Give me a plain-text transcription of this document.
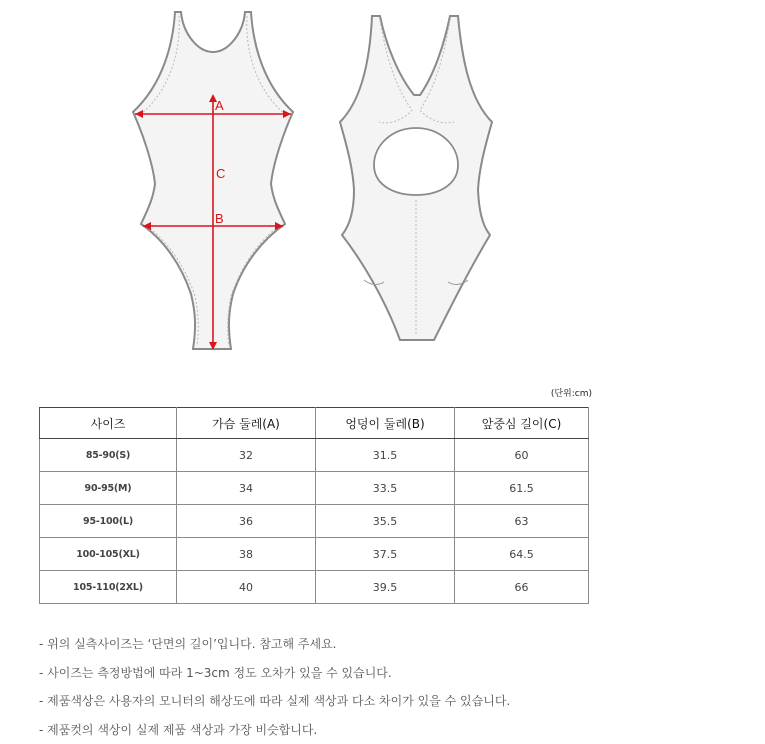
A
C
B
(단위:cm)
사이즈	가슴 둘레(A)	엉덩이 둘레(B)	앞중심 길이(C)
85-90(S)	32	31.5	60
90-95(M)	34	33.5	61.5
95-100(L)	36	35.5	63
100-105(XL)	38	37.5	64.5
105-110(2XL)	40	39.5	66
- 위의 실측사이즈는 ‘단면의 길이’입니다. 참고해 주세요.
- 사이즈는 측정방법에 따라 1~3cm 정도 오차가 있을 수 있습니다.
- 제품색상은 사용자의 모니터의 해상도에 따라 실제 색상과 다소 차이가 있을 수 있습니다.
- 제품컷의 색상이 실제 제품 색상과 가장 비슷합니다.
